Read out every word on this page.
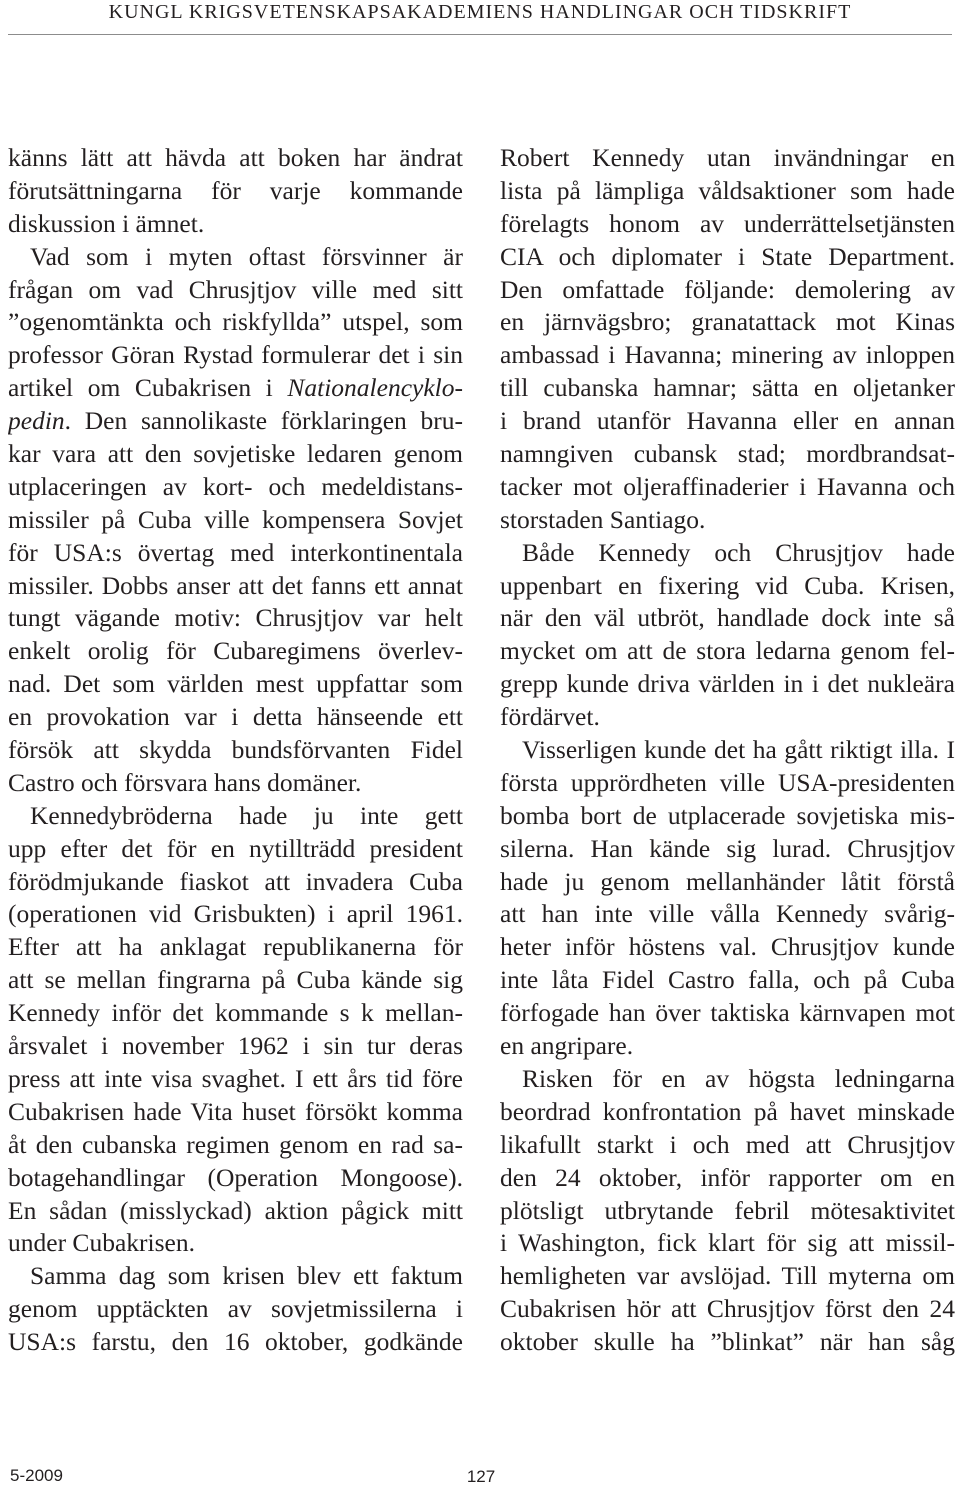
KUNGL KRIGSVETENSKAPSAKADEMIENS HANDLINGAR OCH TIDSKRIFT
känns lätt att hävda att boken har ändrat
förutsättningarna för varje kommande
diskussion i ämnet.
Vad som i myten oftast försvinner är
frågan om vad Chrusjtjov ville med sitt
”ogenomtänkta och riskfyllda” utspel, som
professor Göran Rystad formulerar det i sin
artikel om Cubakrisen i Nationalencyklo-
pedin. Den sannolikaste förklaringen bru-
kar vara att den sovjetiske ledaren genom
utplaceringen av kort- och medeldistans-
missiler på Cuba ville kompensera Sovjet
för USA:s övertag med interkontinentala
missiler. Dobbs anser att det fanns ett annat
tungt vägande motiv: Chrusjtjov var helt
enkelt orolig för Cubaregimens överlev-
nad. Det som världen mest uppfattar som
en provokation var i detta hänseende ett
försök att skydda bundsförvanten Fidel
Castro och försvara hans domäner.
Kennedybröderna hade ju inte gett
upp efter det för en nytillträdd president
förödmjukande fiaskot att invadera Cuba
(operationen vid Grisbukten) i april 1961.
Efter att ha anklagat republikanerna för
att se mellan fingrarna på Cuba kände sig
Kennedy inför det kommande s k mellan-
årsvalet i november 1962 i sin tur deras
press att inte visa svaghet. I ett års tid före
Cubakrisen hade Vita huset försökt komma
åt den cubanska regimen genom en rad sa-
botagehandlingar (Operation Mongoose).
En sådan (misslyckad) aktion pågick mitt
under Cubakrisen.
Samma dag som krisen blev ett faktum
genom upptäckten av sovjetmissilerna i
USA:s farstu, den 16 oktober, godkände
Robert Kennedy utan invändningar en
lista på lämpliga våldsaktioner som hade
förelagts honom av underrättelsetjänsten
CIA och diplomater i State Department.
Den omfattade följande: demolering av
en järnvägsbro; granatattack mot Kinas
ambassad i Havanna; minering av inloppen
till cubanska hamnar; sätta en oljetanker
i brand utanför Havanna eller en annan
namngiven cubansk stad; mordbrandsat-
tacker mot oljeraffinaderier i Havanna och
storstaden Santiago.
Både Kennedy och Chrusjtjov hade
uppenbart en fixering vid Cuba. Krisen,
när den väl utbröt, handlade dock inte så
mycket om att de stora ledarna genom fel-
grepp kunde driva världen in i det nukleära
fördärvet.
Visserligen kunde det ha gått riktigt illa. I
första upprördheten ville USA-presidenten
bomba bort de utplacerade sovjetiska mis-
silerna. Han kände sig lurad. Chrusjtjov
hade ju genom mellanhänder låtit förstå
att han inte ville vålla Kennedy svårig-
heter inför höstens val. Chrusjtjov kunde
inte låta Fidel Castro falla, och på Cuba
förfogade han över taktiska kärnvapen mot
en angripare.
Risken för en av högsta ledningarna
beordrad konfrontation på havet minskade
likafullt starkt i och med att Chrusjtjov
den 24 oktober, inför rapporter om en
plötsligt utbrytande febril mötesaktivitet
i Washington, fick klart för sig att missil-
hemligheten var avslöjad. Till myterna om
Cubakrisen hör att Chrusjtjov först den 24
oktober skulle ha ”blinkat” när han såg
5-2009	127
